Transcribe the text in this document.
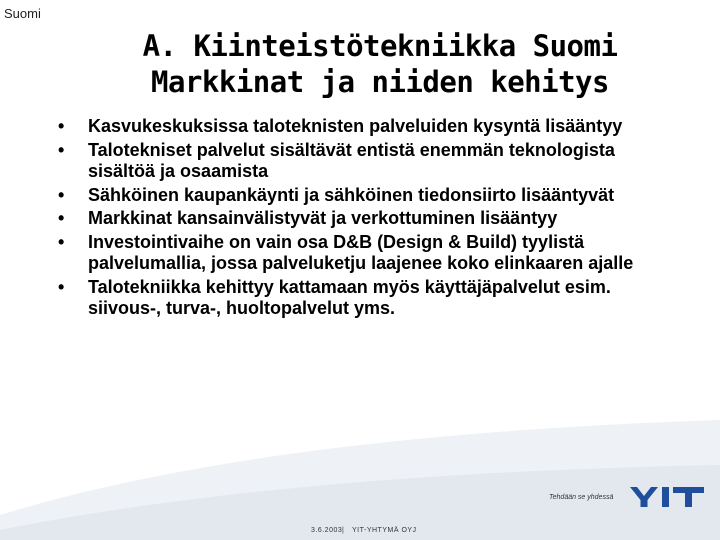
Suomi
A. Kiinteistötekniikka Suomi
Markkinat ja niiden kehitys
• Kasvukeskuksissa taloteknisten palveluiden kysyntä lisääntyy
• Talotekniset palvelut sisältävät entistä enemmän teknologista sisältöä ja osaamista
• Sähköinen kaupankäynti ja sähköinen tiedonsiirto lisääntyvät
• Markkinat kansainvälistyvät ja verkottuminen lisääntyy
• Investointivaihe on vain osa D&B (Design & Build) tyylistä palvelumallia, jossa palveluketju laajenee koko elinkaaren ajalle
• Talotekniikka kehittyy kattamaan myös käyttäjäpalvelut esim. siivous-, turva-, huoltopalvelut yms.
Tehdään se yhdessä
3.6.2003 | YIT-YHTYMÄ OYJ
